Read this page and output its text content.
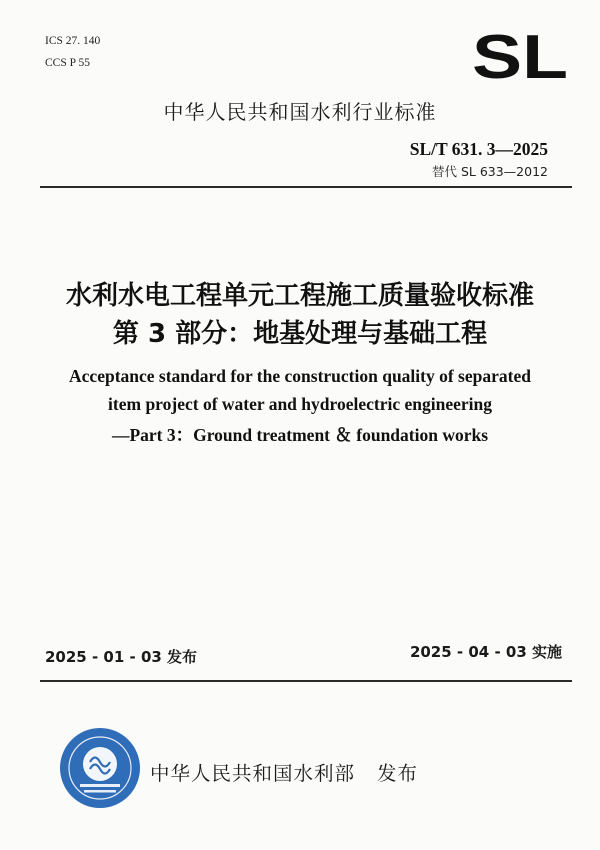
ICS 27. 140
CCS P 55	SL
中华人民共和国水利行业标准
SL/T 631. 3—2025
替代 SL 633—2012
水利水电工程单元工程施工质量验收标准
第 3 部分：地基处理与基础工程
Acceptance standard for the construction quality of separated
item project of water and hydroelectric engineering
—Part 3：Ground treatment ＆ foundation works
2025 - 01 - 03 发布	2025 - 04 - 03 实施
中华人民共和国水利部 发布
